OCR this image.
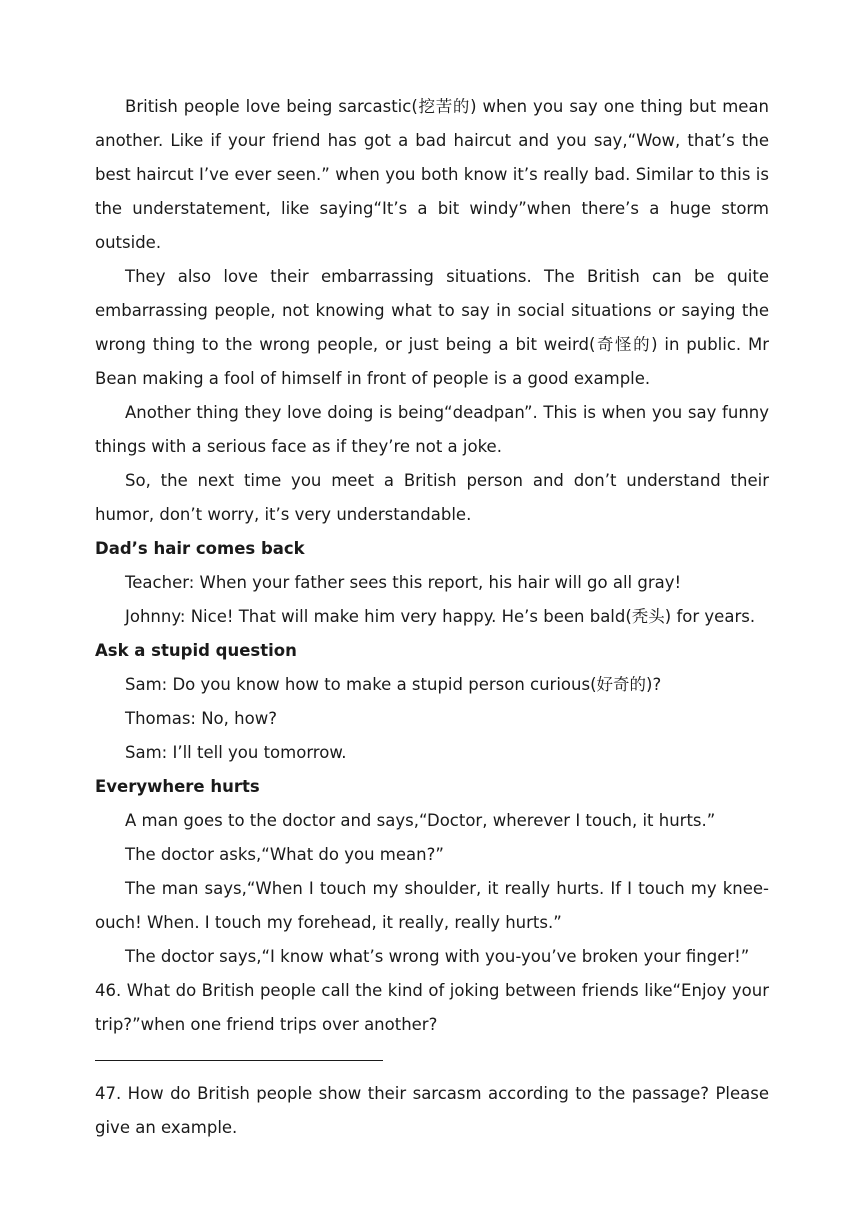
British people love being sarcastic(挖苦的) when you say one thing but mean another. Like if your friend has got a bad haircut and you say,“Wow, that’s the best haircut I’ve ever seen.” when you both know it’s really bad. Similar to this is the understatement, like saying“It’s a bit windy”when there’s a huge storm outside.

They also love their embarrassing situations. The British can be quite embarrassing people, not knowing what to say in social situations or saying the wrong thing to the wrong people, or just being a bit weird(奇怪的) in public. Mr Bean making a fool of himself in front of people is a good example.

Another thing they love doing is being“deadpan”. This is when you say funny things with a serious face as if they’re not a joke.

So, the next time you meet a British person and don’t understand their humor, don’t worry, it’s very understandable.

Dad’s hair comes back

Teacher: When your father sees this report, his hair will go all gray!

Johnny: Nice! That will make him very happy. He’s been bald(秃头) for years.

Ask a stupid question

Sam: Do you know how to make a stupid person curious(好奇的)?

Thomas: No, how?

Sam: I’ll tell you tomorrow.

Everywhere hurts

A man goes to the doctor and says,“Doctor, wherever I touch, it hurts.”

The doctor asks,“What do you mean?”

The man says,“When I touch my shoulder, it really hurts. If I touch my knee-ouch! When. I touch my forehead, it really, really hurts.”

The doctor says,“I know what’s wrong with you-you’ve broken your finger!”

46. What do British people call the kind of joking between friends like“Enjoy your trip?”when one friend trips over another?

47. How do British people show their sarcasm according to the passage? Please give an example.
